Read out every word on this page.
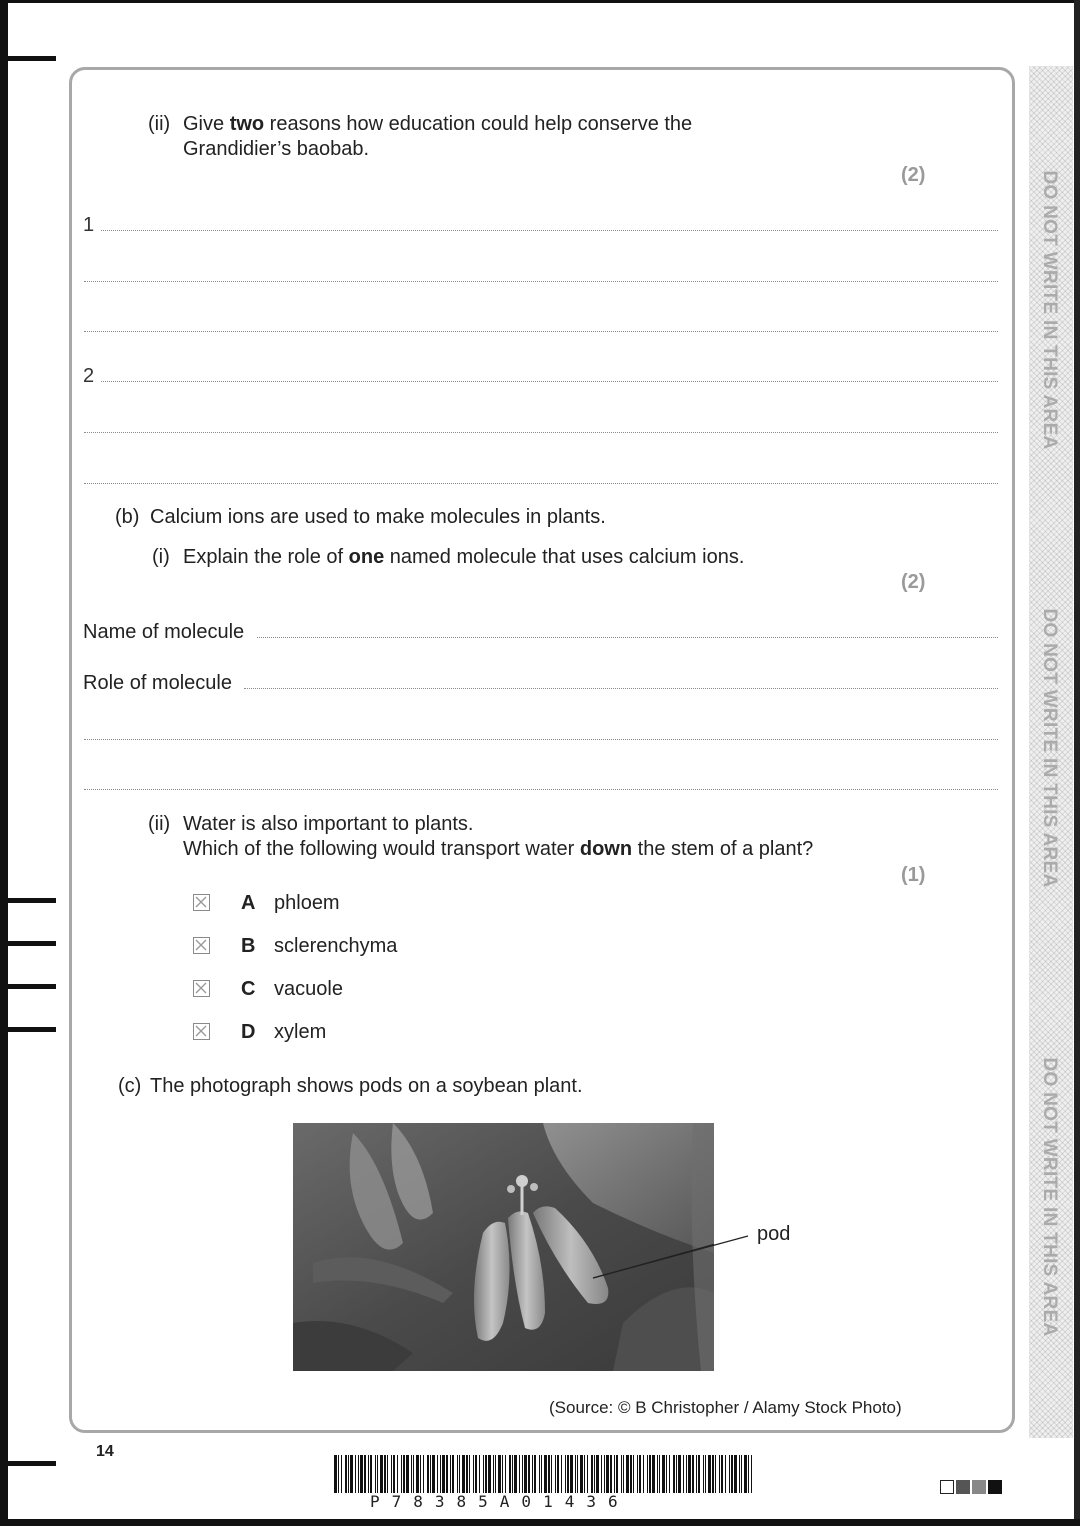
DO NOT WRITE IN THIS AREA
DO NOT WRITE IN THIS AREA
DO NOT WRITE IN THIS AREA
(ii) Give two reasons how education could help conserve the
Grandidier’s baobab.
(2)
1
2
(b) Calcium ions are used to make molecules in plants.
(i) Explain the role of one named molecule that uses calcium ions.
(2)
Name of molecule
Role of molecule
(ii) Water is also important to plants.
Which of the following would transport water down the stem of a plant?
(1)
A phloem
B sclerenchyma
C vacuole
D xylem
(c) The photograph shows pods on a soybean plant.
pod
(Source: © B Christopher / Alamy Stock Photo)
14
P78385A01436
